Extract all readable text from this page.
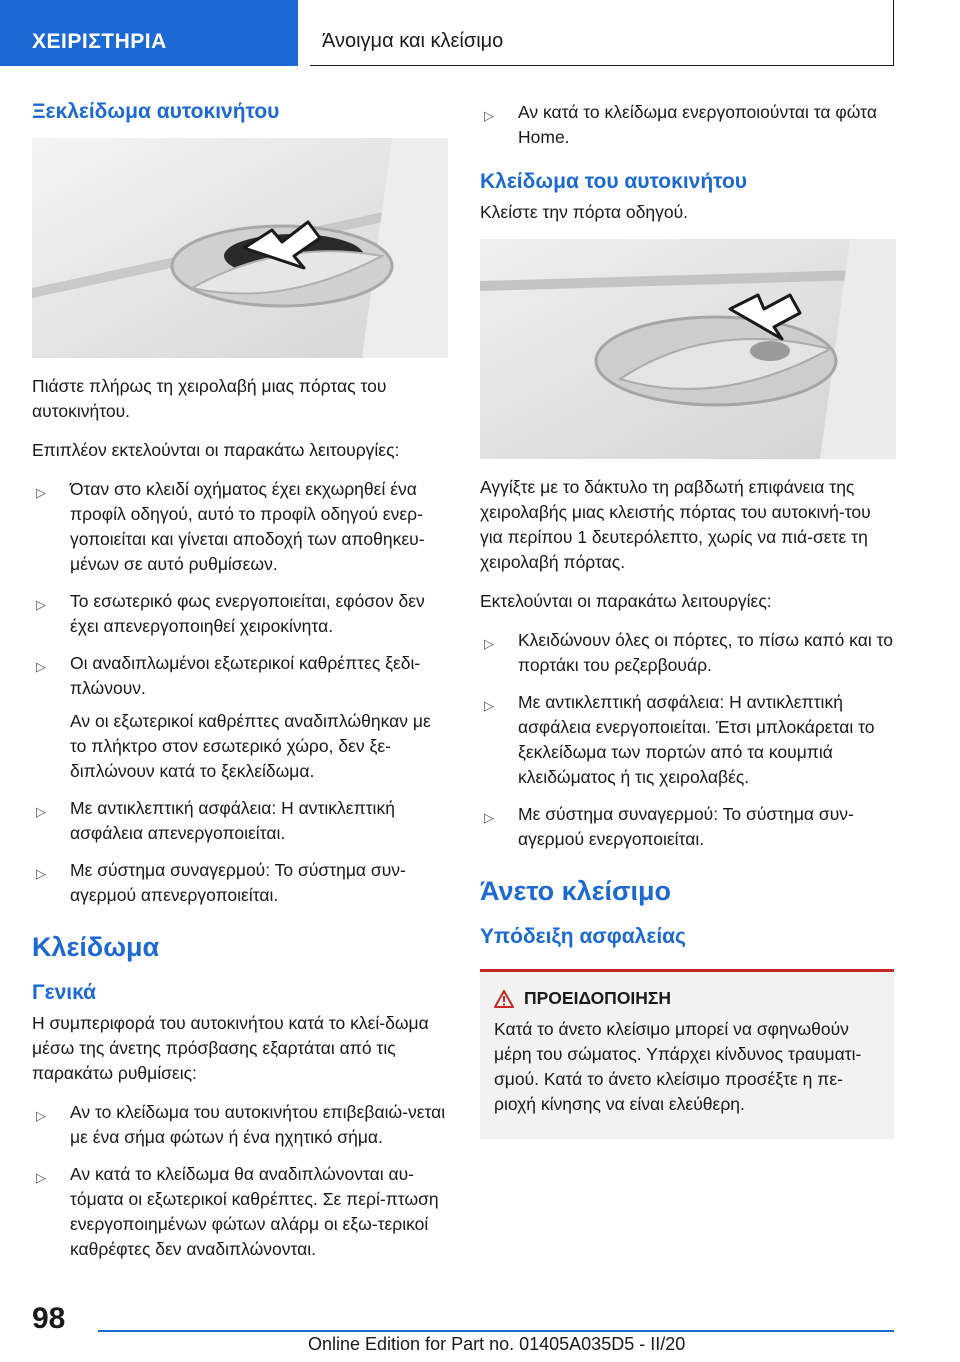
ΧΕΙΡΙΣΤΗΡΙΑ	Άνοιγμα και κλείσιμο
Ξεκλείδωμα αυτοκινήτου

Πιάστε πλήρως τη χειρολαβή μιας πόρτας του αυτοκινήτου.

Επιπλέον εκτελούνται οι παρακάτω λειτουργίες:

▷ Όταν στο κλειδί οχήματος έχει εκχωρηθεί ένα προφίλ οδηγού, αυτό το προφίλ οδηγού ενερ-γοποιείται και γίνεται αποδοχή των αποθηκευ-μένων σε αυτό ρυθμίσεων.
▷ Το εσωτερικό φως ενεργοποιείται, εφόσον δεν έχει απενεργοποιηθεί χειροκίνητα.
▷ Οι αναδιπλωμένοι εξωτερικοί καθρέπτες ξεδι-πλώνουν.
Αν οι εξωτερικοί καθρέπτες αναδιπλώθηκαν με το πλήκτρο στον εσωτερικό χώρο, δεν ξε-διπλώνουν κατά το ξεκλείδωμα.
▷ Με αντικλεπτική ασφάλεια: Η αντικλεπτική ασφάλεια απενεργοποιείται.
▷ Με σύστημα συναγερμού: Το σύστημα συν-αγερμού απενεργοποιείται.
Κλείδωμα
Γενικά

Η συμπεριφορά του αυτοκινήτου κατά το κλεί-δωμα μέσω της άνετης πρόσβασης εξαρτάται από τις παρακάτω ρυθμίσεις:

▷ Αν το κλείδωμα του αυτοκινήτου επιβεβαιώ-νεται με ένα σήμα φώτων ή ένα ηχητικό σήμα.
▷ Αν κατά το κλείδωμα θα αναδιπλώνονται αυ-τόματα οι εξωτερικοί καθρέπτες. Σε περί-πτωση ενεργοποιημένων φώτων αλάρμ οι εξω-τερικοί καθρέφτες δεν αναδιπλώνονται.
▷ Αν κατά το κλείδωμα ενεργοποιούνται τα φώτα Home.
Κλείδωμα του αυτοκινήτου

Κλείστε την πόρτα οδηγού.

Αγγίξτε με το δάκτυλο τη ραβδωτή επιφάνεια της χειρολαβής μιας κλειστής πόρτας του αυτοκινή-του για περίπου 1 δευτερόλεπτο, χωρίς να πιά-σετε τη χειρολαβή πόρτας.

Εκτελούνται οι παρακάτω λειτουργίες:

▷ Κλειδώνουν όλες οι πόρτες, το πίσω καπό και το πορτάκι του ρεζερβουάρ.
▷ Με αντικλεπτική ασφάλεια: Η αντικλεπτική ασφάλεια ενεργοποιείται. Έτσι μπλοκάρεται το ξεκλείδωμα των πορτών από τα κουμπιά κλειδώματος ή τις χειρολαβές.
▷ Με σύστημα συναγερμού: Το σύστημα συν-αγερμού ενεργοποιείται.
Άνετο κλείσιμο
Υπόδειξη ασφαλείας
ΠΡΟΕΙΔΟΠΟΙΗΣΗ
Κατά το άνετο κλείσιμο μπορεί να σφηνωθούν μέρη του σώματος. Υπάρχει κίνδυνος τραυματι-σμού. Κατά το άνετο κλείσιμο προσέξτε η πε-ριοχή κίνησης να είναι ελεύθερη.
98
Online Edition for Part no. 01405A035D5 - II/20
